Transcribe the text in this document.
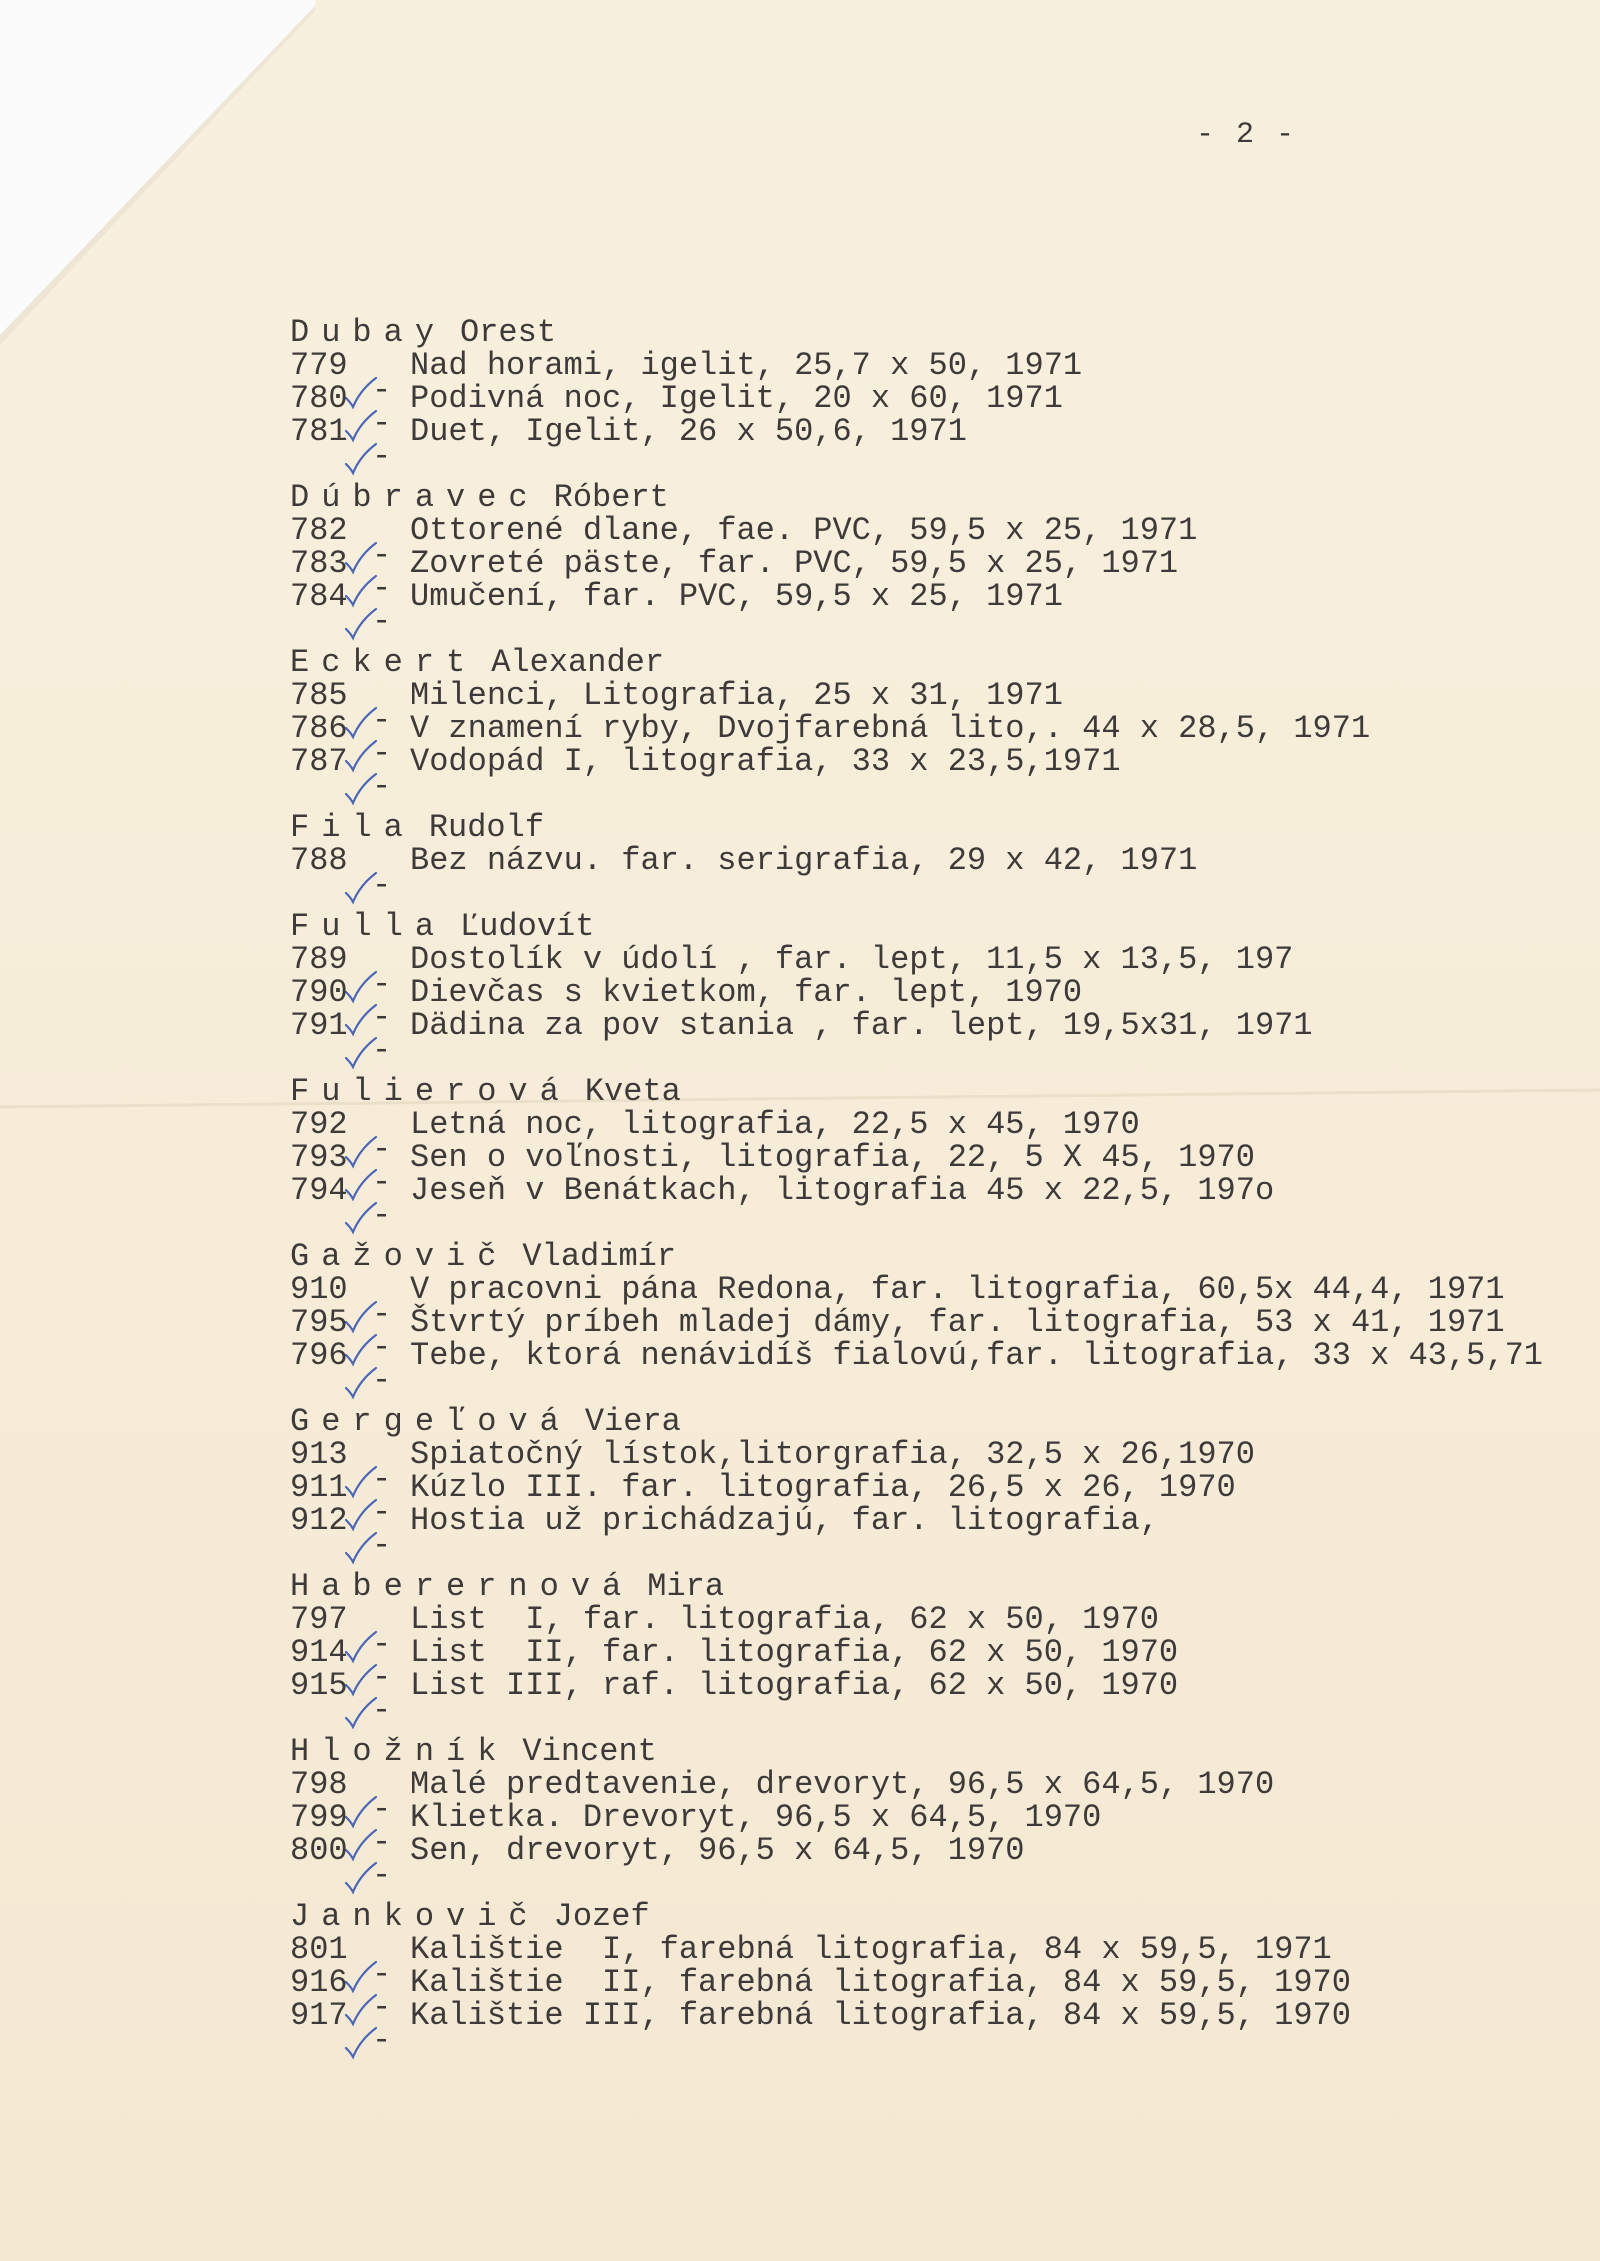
- 2 -
Dubay Orest
779
-
Nad horami, igelit, 25,7 x 50, 1971
780
-
Podivná noc, Igelit, 20 x 60, 1971
781
-
Duet, Igelit, 26 x 50,6, 1971
Dúbravec Róbert
782
-
Ottorené dlane, fae. PVC, 59,5 x 25, 1971
783
-
Zovreté päste, far. PVC, 59,5 x 25, 1971
784
-
Umučení, far. PVC, 59,5 x 25, 1971
Eckert Alexander
785
-
Milenci, Litografia, 25 x 31, 1971
786
-
V znamení ryby, Dvojfarebná lito,. 44 x 28,5, 1971
787
-
Vodopád I, litografia, 33 x 23,5,1971
Fila Rudolf
788
-
Bez názvu. far. serigrafia, 29 x 42, 1971
Fulla Ľudovít
789
-
Dostolík v údolí , far. lept, 11,5 x 13,5, 197
790
-
Dievčas s kvietkom, far. lept, 1970
791
-
Dädina za pov stania , far. lept, 19,5x31, 1971
Fulierová Kveta
792
-
Letná noc, litografia, 22,5 x 45, 1970
793
-
Sen o voľnosti, litografia, 22, 5 X 45, 1970
794
-
Jeseň v Benátkach, litografia 45 x 22,5, 197o
Gažovič Vladimír
910
-
V pracovni pána Redona, far. litografia, 60,5x 44,4, 1971
795
-
Štvrtý príbeh mladej dámy, far. litografia, 53 x 41, 1971
796
-
Tebe, ktorá nenávidíš fialovú,far. litografia, 33 x 43,5,71
Gergeľová Viera
913
-
Spiatočný lístok,litorgrafia, 32,5 x 26,1970
911
-
Kúzlo III. far. litografia, 26,5 x 26, 1970
912
-
Hostia už prichádzajú, far. litografia,
Haberernová Mira
797
-
List  I, far. litografia, 62 x 50, 1970
914
-
List  II, far. litografia, 62 x 50, 1970
915
-
List III, raf. litografia, 62 x 50, 1970
Hložník Vincent
798
-
Malé predtavenie, drevoryt, 96,5 x 64,5, 1970
799
-
Klietka. Drevoryt, 96,5 x 64,5, 1970
800
-
Sen, drevoryt, 96,5 x 64,5, 1970
Jankovič Jozef
801
-
Kalištie  I, farebná litografia, 84 x 59,5, 1971
916
-
Kalištie  II, farebná litografia, 84 x 59,5, 1970
917
-
Kalištie III, farebná litografia, 84 x 59,5, 1970
